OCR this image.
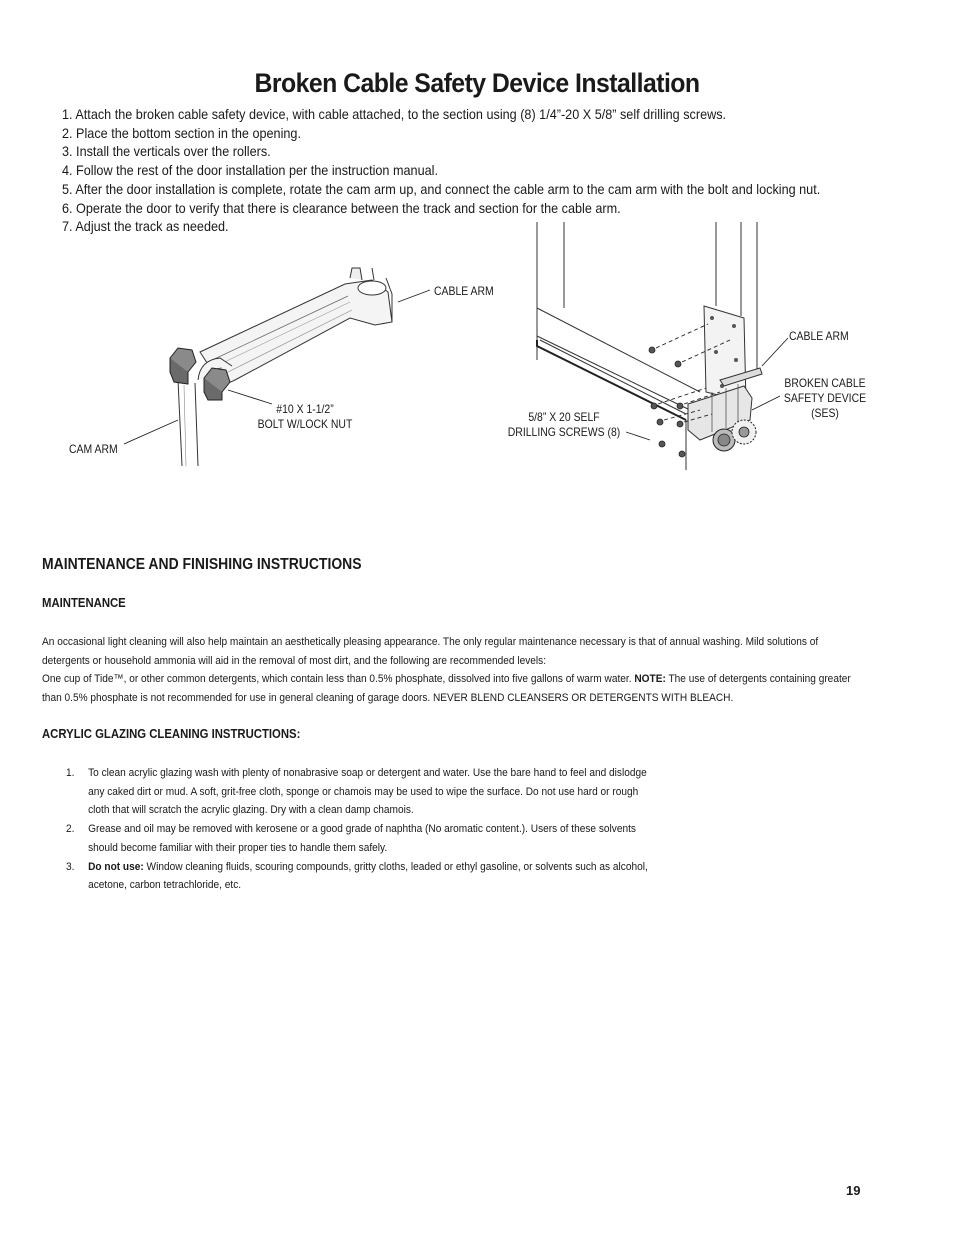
Broken Cable Safety Device Installation
1. Attach the broken cable safety device, with cable attached, to the section using (8) 1/4”-20 X 5/8” self drilling screws.
2. Place the bottom section in the opening.
3. Install the verticals over the rollers.
4. Follow the rest of the door installation per the instruction manual.
5. After the door installation is complete, rotate the cam arm up, and connect the cable arm to the cam arm with the bolt and locking nut.
6. Operate the door to verify that there is clearance between the track and section for the cable arm.
7. Adjust the track as needed.
CABLE ARM
#10 X 1-1/2”
BOLT W/LOCK NUT
CAM ARM
CABLE ARM
BROKEN CABLE
SAFETY DEVICE
(SES)
5/8” X 20 SELF
DRILLING SCREWS (8)
MAINTENANCE AND FINISHING INSTRUCTIONS
MAINTENANCE
An occasional light cleaning will also help maintain an aesthetically pleasing appearance. The only regular maintenance necessary is that of annual washing. Mild solutions of
detergents or household ammonia will aid in the removal of most dirt, and the following are recommended levels:
One cup of Tide™, or other common detergents, which contain less than 0.5% phosphate, dissolved into five gallons of warm water. NOTE: The use of detergents containing greater
than 0.5% phosphate is not recommended for use in general cleaning of garage doors. NEVER BLEND CLEANSERS OR DETERGENTS WITH BLEACH.
ACRYLIC GLAZING CLEANING INSTRUCTIONS:
1. To clean acrylic glazing wash with plenty of nonabrasive soap or detergent and water. Use the bare hand to feel and dislodge
any caked dirt or mud. A soft, grit-free cloth, sponge or chamois may be used to wipe the surface. Do not use hard or rough
cloth that will scratch the acrylic glazing. Dry with a clean damp chamois.
2. Grease and oil may be removed with kerosene or a good grade of naphtha (No aromatic content.). Users of these solvents
should become familiar with their proper ties to handle them safely.
3. Do not use: Window cleaning fluids, scouring compounds, gritty cloths, leaded or ethyl gasoline, or solvents such as alcohol,
acetone, carbon tetrachloride, etc.
19
